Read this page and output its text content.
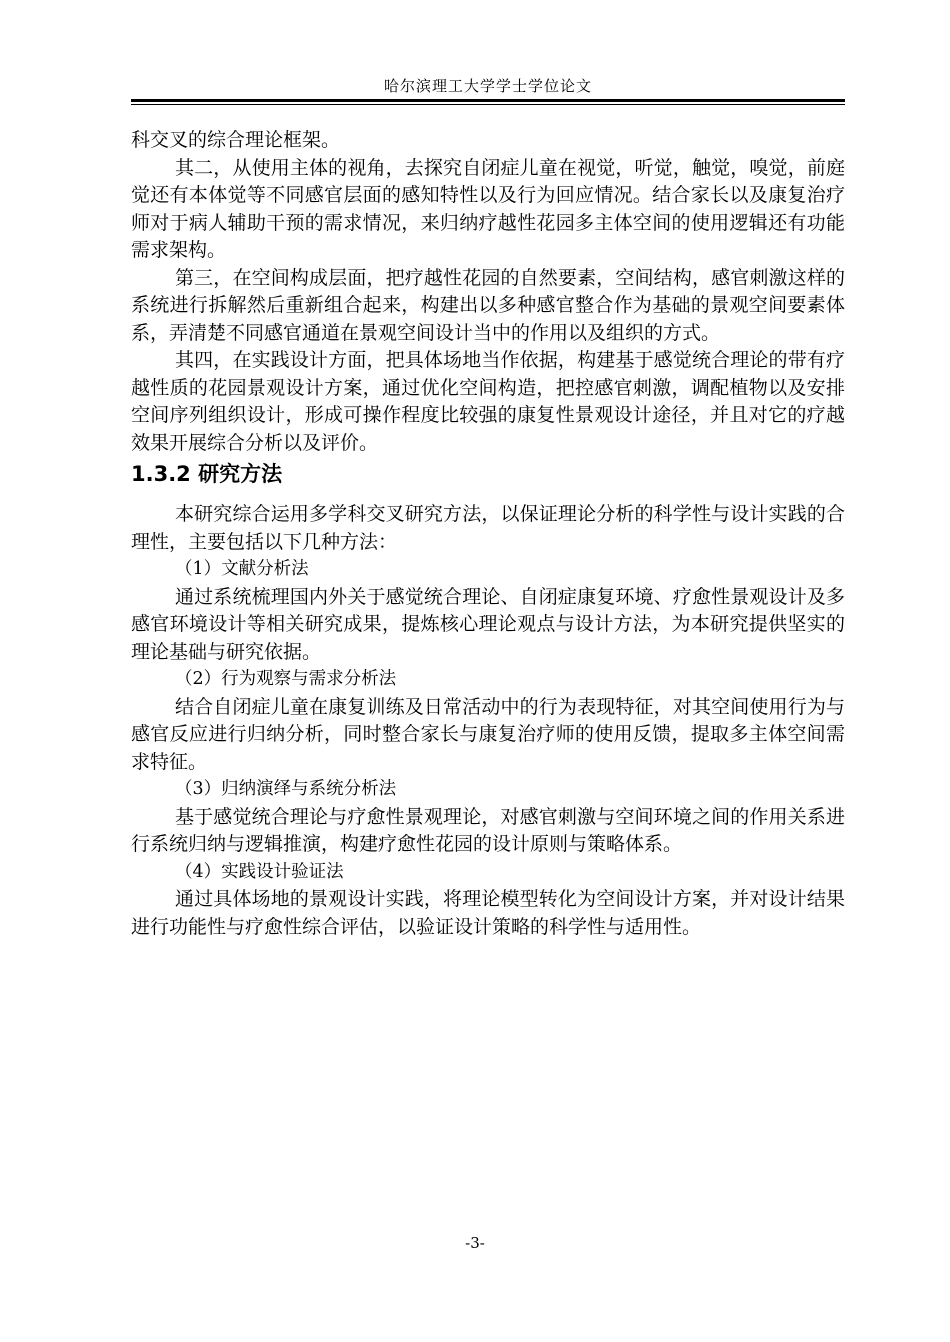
哈尔滨理工大学学士学位论文

科交叉的综合理论框架。

其二，从使用主体的视角，去探究自闭症儿童在视觉，听觉，触觉，嗅觉，前庭觉还有本体觉等不同感官层面的感知特性以及行为回应情况。结合家长以及康复治疗师对于病人辅助干预的需求情况，来归纳疗越性花园多主体空间的使用逻辑还有功能需求架构。

第三，在空间构成层面，把疗越性花园的自然要素，空间结构，感官刺激这样的系统进行拆解然后重新组合起来，构建出以多种感官整合作为基础的景观空间要素体系，弄清楚不同感官通道在景观空间设计当中的作用以及组织的方式。

其四，在实践设计方面，把具体场地当作依据，构建基于感觉统合理论的带有疗越性质的花园景观设计方案，通过优化空间构造，把控感官刺激，调配植物以及安排空间序列组织设计，形成可操作程度比较强的康复性景观设计途径，并且对它的疗越效果开展综合分析以及评价。

1.3.2 研究方法

本研究综合运用多学科交叉研究方法，以保证理论分析的科学性与设计实践的合理性，主要包括以下几种方法：

（1）文献分析法

通过系统梳理国内外关于感觉统合理论、自闭症康复环境、疗愈性景观设计及多感官环境设计等相关研究成果，提炼核心理论观点与设计方法，为本研究提供坚实的理论基础与研究依据。

（2）行为观察与需求分析法

结合自闭症儿童在康复训练及日常活动中的行为表现特征，对其空间使用行为与感官反应进行归纳分析，同时整合家长与康复治疗师的使用反馈，提取多主体空间需求特征。

（3）归纳演绎与系统分析法

基于感觉统合理论与疗愈性景观理论，对感官刺激与空间环境之间的作用关系进行系统归纳与逻辑推演，构建疗愈性花园的设计原则与策略体系。

（4）实践设计验证法

通过具体场地的景观设计实践，将理论模型转化为空间设计方案，并对设计结果进行功能性与疗愈性综合评估，以验证设计策略的科学性与适用性。

-3-
